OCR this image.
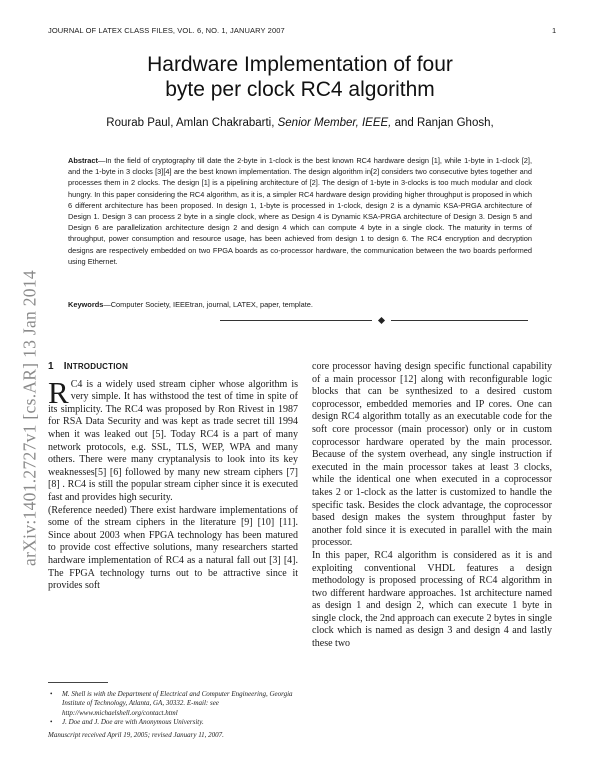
JOURNAL OF LATEX CLASS FILES, VOL. 6, NO. 1, JANUARY 2007	1
arXiv:1401.2727v1 [cs.AR] 13 Jan 2014
Hardware Implementation of four
byte per clock RC4 algorithm
Rourab Paul, Amlan Chakrabarti, Senior Member, IEEE, and Ranjan Ghosh,
Abstract—In the field of cryptography till date the 2-byte in 1-clock is the best known RC4 hardware design [1], while 1-byte in 1-clock [2], and the 1-byte in 3 clocks [3][4] are the best known implementation. The design algorithm in[2] considers two consecutive bytes together and processes them in 2 clocks. The design [1] is a pipelining architecture of [2]. The design of 1-byte in 3-clocks is too much modular and clock hungry. In this paper considering the RC4 algorithm, as it is, a simpler RC4 hardware design providing higher throughput is proposed in which 6 different architecture has been proposed. In design 1, 1-byte is processed in 1-clock, design 2 is a dynamic KSA-PRGA architecture of Design 1. Design 3 can process 2 byte in a single clock, where as Design 4 is Dynamic KSA-PRGA architecture of Design 3. Design 5 and Design 6 are parallelization architecture design 2 and design 4 which can compute 4 byte in a single clock. The maturity in terms of throughput, power consumption and resource usage, has been achieved from design 1 to design 6. The RC4 encryption and decryption designs are respectively embedded on two FPGA boards as co-processor hardware, the communication between the two boards performed using Ethernet.
Keywords—Computer Society, IEEEtran, journal, LATEX, paper, template.
1 INTRODUCTION

R C4 is a widely used stream cipher whose algorithm is very simple. It has withstood the test of time in spite of its simplicity. The RC4 was proposed by Ron Rivest in 1987 for RSA Data Security and was kept as trade secret till 1994 when it was leaked out [5]. Today RC4 is a part of many network protocols, e.g. SSL, TLS, WEP, WPA and many others. There were many cryptanalysis to look into its key weaknesses[5] [6] followed by many new stream ciphers [7] [8] . RC4 is still the popular stream cipher since it is executed fast and provides high security.

(Reference needed) There exist hardware implementations of some of the stream ciphers in the literature [9] [10] [11]. Since about 2003 when FPGA technology has been matured to provide cost effective solutions, many researchers started hardware implementation of RC4 as a natural fall out [3] [4]. The FPGA technology turns out to be attractive since it provides soft

core processor having design specific functional capability of a main processor [12] along with reconfigurable logic blocks that can be synthesized to a desired custom coprocessor, embedded memories and IP cores. One can design RC4 algorithm totally as an executable code for the soft core processor (main processor) only or in custom coprocessor hardware operated by the main processor. Because of the system overhead, any single instruction if executed in the main processor takes at least 3 clocks, while the identical one when executed in a coprocessor takes 2 or 1-clock as the latter is customized to handle the specific task. Besides the clock advantage, the coprocessor based design makes the system throughput faster by another fold since it is executed in parallel with the main processor.

In this paper, RC4 algorithm is considered as it is and exploiting conventional VHDL features a design methodology is proposed processing of RC4 algorithm in two different hardware approaches. 1st architecture named as design 1 and design 2, which can execute 1 byte in single clock, the 2nd approach can execute 2 bytes in single clock which is named as design 3 and design 4 and lastly these two

• M. Shell is with the Department of Electrical and Computer Engineering, Georgia Institute of Technology, Atlanta, GA, 30332. E-mail: see http://www.michaelshell.org/contact.html
• J. Doe and J. Doe are with Anonymous University.
Manuscript received April 19, 2005; revised January 11, 2007.
